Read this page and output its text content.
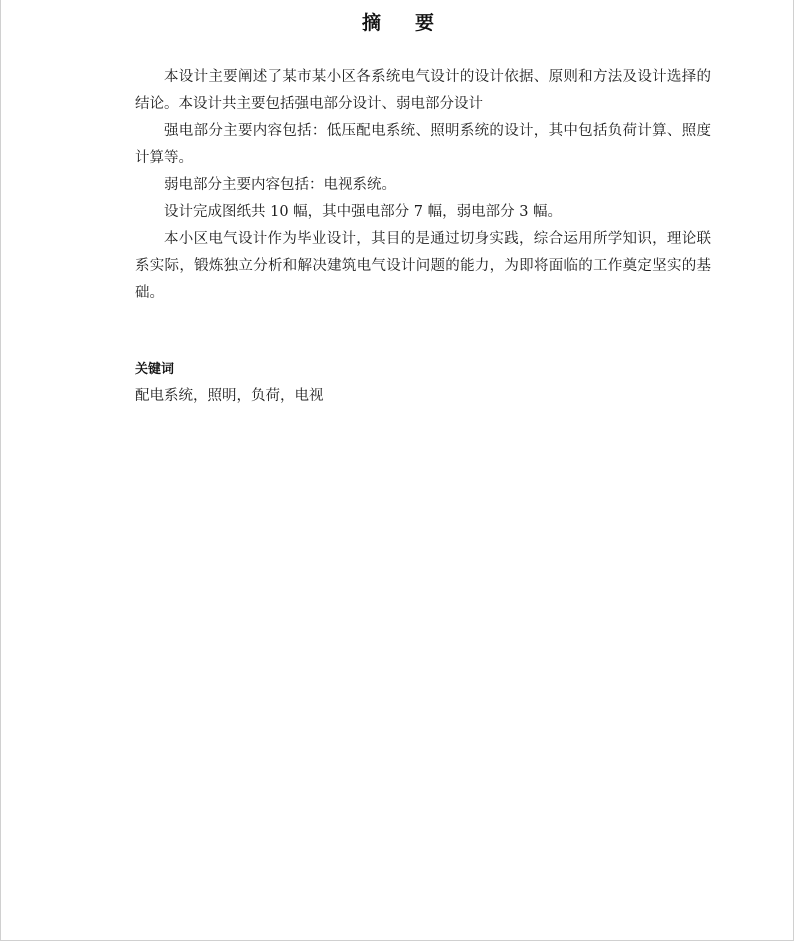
摘 要

本设计主要阐述了某市某小区各系统电气设计的设计依据、原则和方法及设计选择的结论。本设计共主要包括强电部分设计、弱电部分设计

强电部分主要内容包括：低压配电系统、照明系统的设计，其中包括负荷计算、照度计算等。

弱电部分主要内容包括：电视系统。

设计完成图纸共 10 幅，其中强电部分 7 幅，弱电部分 3 幅。

本小区电气设计作为毕业设计，其目的是通过切身实践，综合运用所学知识，理论联系实际，锻炼独立分析和解决建筑电气设计问题的能力，为即将面临的工作奠定坚实的基础。

关键词
配电系统，照明，负荷，电视
